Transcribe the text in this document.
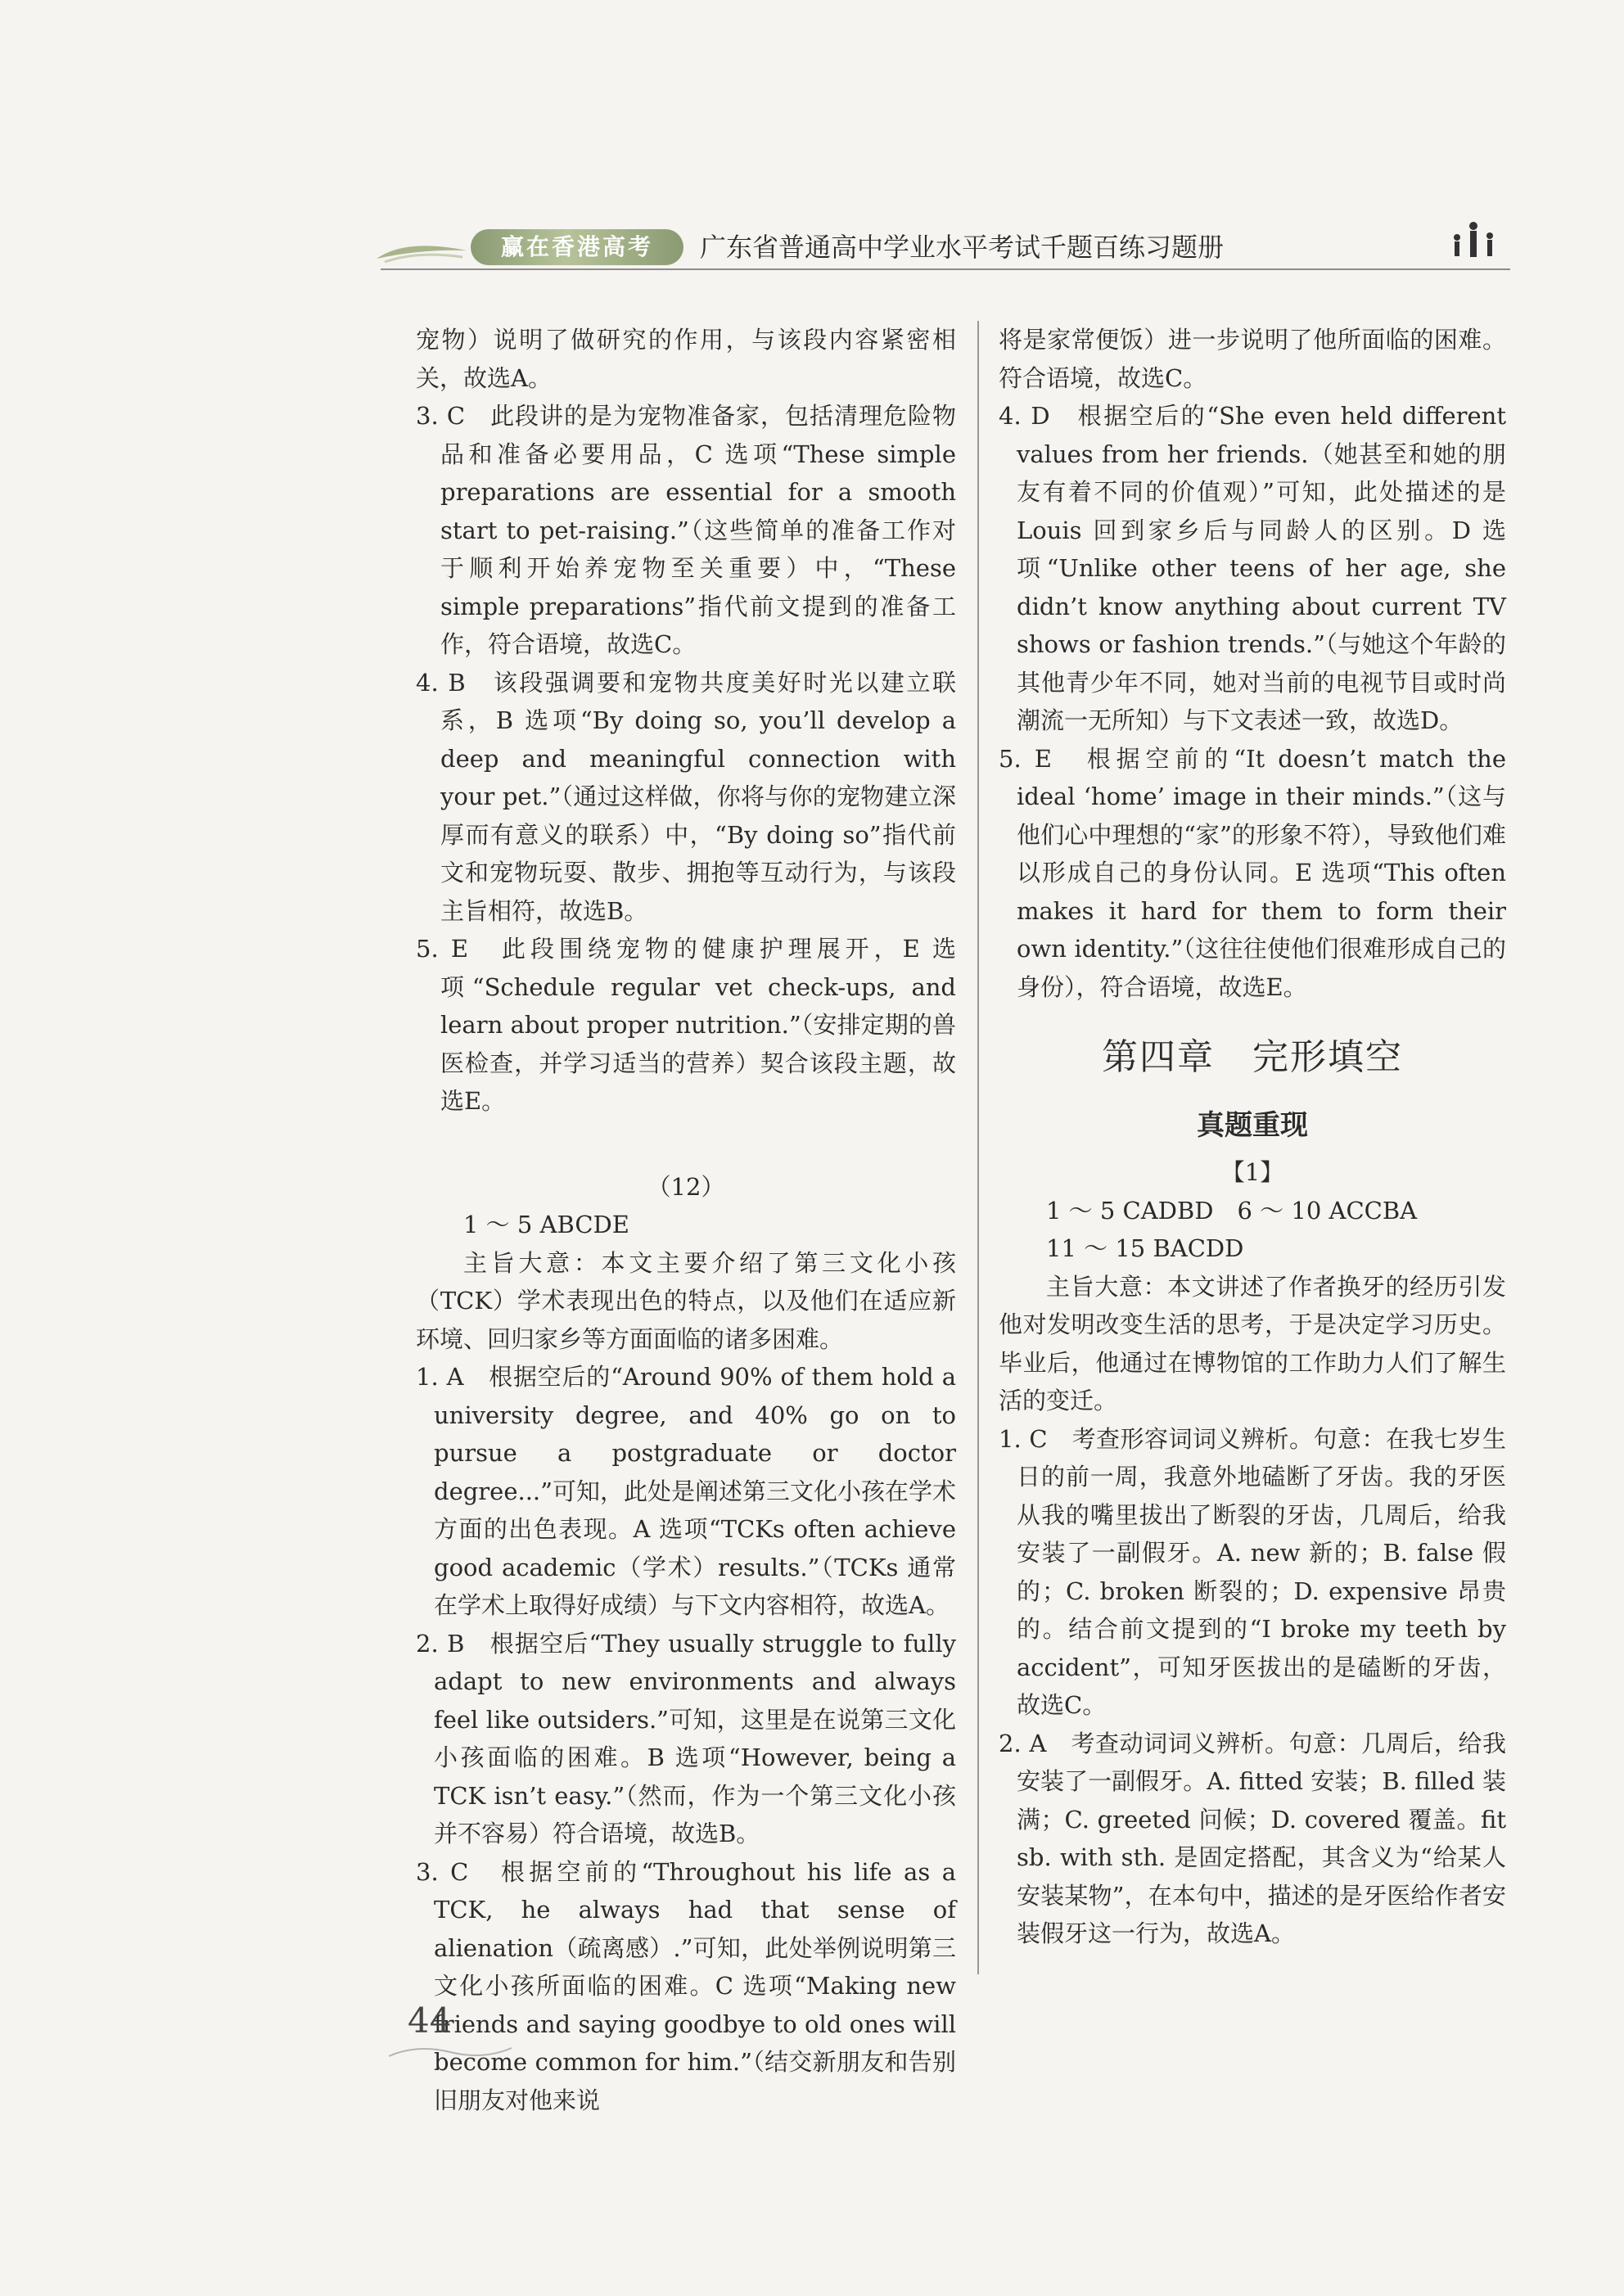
赢在香港高考	广东省普通高中学业水平考试千题百练习题册

宠物）说明了做研究的作用，与该段内容紧密相关，故选A。

3. C　此段讲的是为宠物准备家，包括清理危险物品和准备必要用品，C 选项“These simple preparations are essential for a smooth start to pet-raising.”（这些简单的准备工作对于顺利开始养宠物至关重要）中，“These simple preparations”指代前文提到的准备工作，符合语境，故选C。

4. B　该段强调要和宠物共度美好时光以建立联系，B 选项“By doing so, you’ll develop a deep and meaningful connection with your pet.”（通过这样做，你将与你的宠物建立深厚而有意义的联系）中，“By doing so”指代前文和宠物玩耍、散步、拥抱等互动行为，与该段主旨相符，故选B。

5. E　此段围绕宠物的健康护理展开，E 选项“Schedule regular vet check-ups, and learn about proper nutrition.”（安排定期的兽医检查，并学习适当的营养）契合该段主题，故选E。

（12）

1 ～ 5 ABCDE

主旨大意：本文主要介绍了第三文化小孩（TCK）学术表现出色的特点，以及他们在适应新环境、回归家乡等方面面临的诸多困难。

1. A　根据空后的“Around 90% of them hold a university degree, and 40% go on to pursue a postgraduate or doctor degree...”可知，此处是阐述第三文化小孩在学术方面的出色表现。A 选项“TCKs often achieve good academic（学术）results.”（TCKs 通常在学术上取得好成绩）与下文内容相符，故选A。

2. B　根据空后“They usually struggle to fully adapt to new environments and always feel like outsiders.”可知，这里是在说第三文化小孩面临的困难。B 选项“However, being a TCK isn’t easy.”（然而，作为一个第三文化小孩并不容易）符合语境，故选B。

3. C　根据空前的“Throughout his life as a TCK, he always had that sense of alienation（疏离感）.”可知，此处举例说明第三文化小孩所面临的困难。C 选项“Making new friends and saying goodbye to old ones will become common for him.”（结交新朋友和告别旧朋友对他来说

将是家常便饭）进一步说明了他所面临的困难。符合语境，故选C。

4. D　根据空后的“She even held different values from her friends.（她甚至和她的朋友有着不同的价值观）”可知，此处描述的是 Louis 回到家乡后与同龄人的区别。D 选项“Unlike other teens of her age, she didn’t know anything about current TV shows or fashion trends.”（与她这个年龄的其他青少年不同，她对当前的电视节目或时尚潮流一无所知）与下文表述一致，故选D。

5. E　根据空前的“It doesn’t match the ideal ‘home’ image in their minds.”（这与他们心中理想的“家”的形象不符），导致他们难以形成自己的身份认同。E 选项“This often makes it hard for them to form their own identity.”（这往往使他们很难形成自己的身份），符合语境，故选E。

第四章　完形填空
真题重现

【1】

1 ～ 5 CADBD　6 ～ 10 ACCBA

11 ～ 15 BACDD

主旨大意：本文讲述了作者换牙的经历引发他对发明改变生活的思考，于是决定学习历史。毕业后，他通过在博物馆的工作助力人们了解生活的变迁。

1. C　考查形容词词义辨析。句意：在我七岁生日的前一周，我意外地磕断了牙齿。我的牙医从我的嘴里拔出了断裂的牙齿，几周后，给我安装了一副假牙。A. new 新的；B. false 假的；C. broken 断裂的；D. expensive 昂贵的。结合前文提到的“I broke my teeth by accident”，可知牙医拔出的是磕断的牙齿，故选C。

2. A　考查动词词义辨析。句意：几周后，给我安装了一副假牙。A. fitted 安装；B. filled 装满；C. greeted 问候；D. covered 覆盖。fit sb. with sth. 是固定搭配，其含义为“给某人安装某物”，在本句中，描述的是牙医给作者安装假牙这一行为，故选A。

44
